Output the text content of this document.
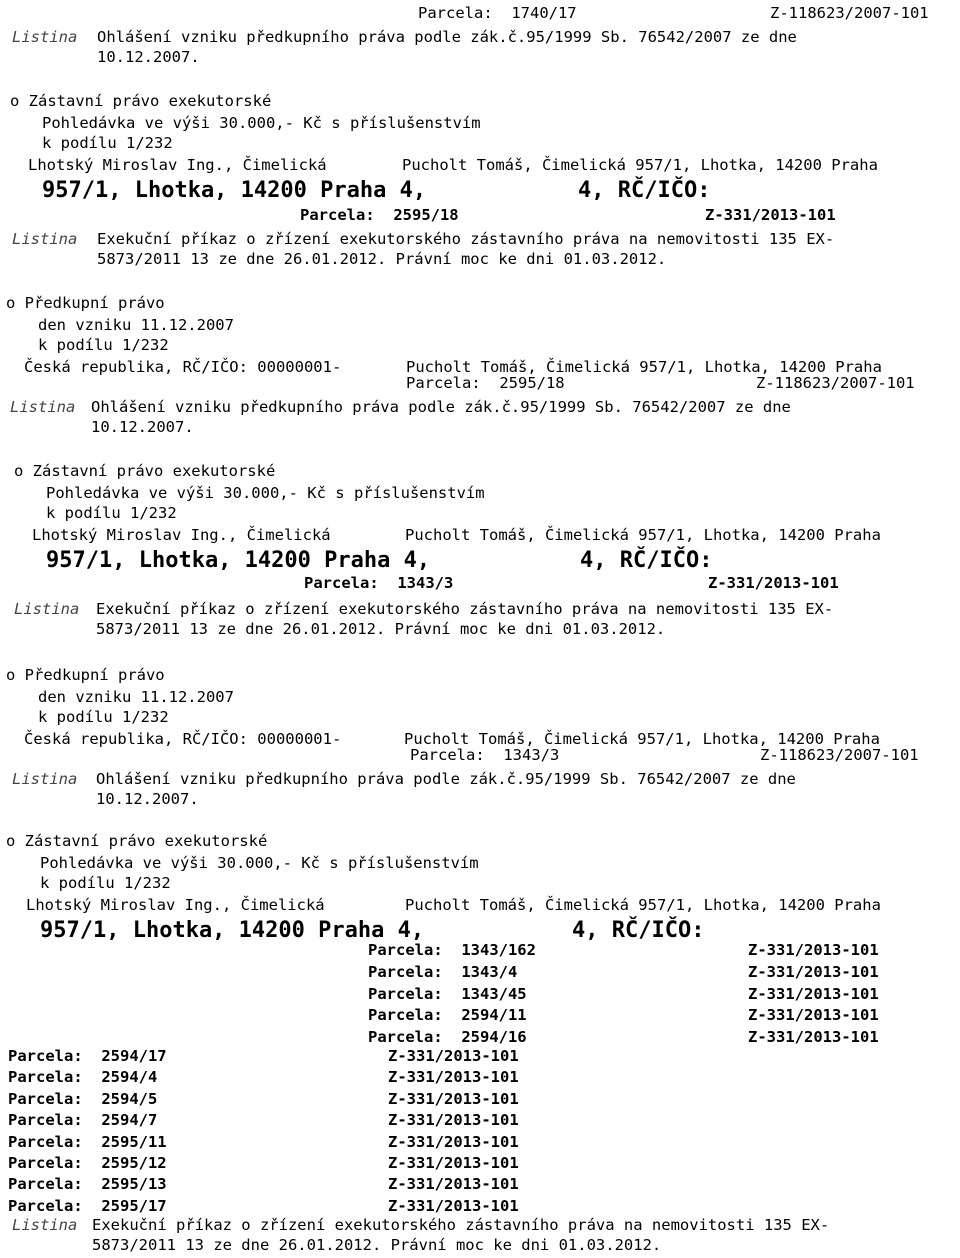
Parcela:  1740/17	Z-118623/2007-101
Listina Ohlášení vzniku předkupního práva podle zák.č.95/1999 Sb. 76542/2007 ze dne
10.12.2007.
o Zástavní právo exekutorské
Pohledávka ve výši 30.000,- Kč s příslušenstvím
k podílu 1/232
Lhotský Miroslav Ing., Čimelická	Pucholt Tomáš, Čimelická 957/1, Lhotka, 14200 Praha
957/1, Lhotka, 14200 Praha 4,	4, RČ/IČO:
Parcela:  2595/18	Z-331/2013-101
Listina Exekuční příkaz o zřízení exekutorského zástavního práva na nemovitosti 135 EX-
5873/2011 13 ze dne 26.01.2012. Právní moc ke dni 01.03.2012.
o Předkupní právo
den vzniku 11.12.2007
k podílu 1/232
Česká republika, RČ/IČO: 00000001-	Pucholt Tomáš, Čimelická 957/1, Lhotka, 14200 Praha
Parcela:  2595/18	Z-118623/2007-101
Listina Ohlášení vzniku předkupního práva podle zák.č.95/1999 Sb. 76542/2007 ze dne
10.12.2007.
o Zástavní právo exekutorské
Pohledávka ve výši 30.000,- Kč s příslušenstvím
k podílu 1/232
Lhotský Miroslav Ing., Čimelická	Pucholt Tomáš, Čimelická 957/1, Lhotka, 14200 Praha
957/1, Lhotka, 14200 Praha 4,	4, RČ/IČO:
Parcela:  1343/3	Z-331/2013-101
Listina Exekuční příkaz o zřízení exekutorského zástavního práva na nemovitosti 135 EX-
5873/2011 13 ze dne 26.01.2012. Právní moc ke dni 01.03.2012.
o Předkupní právo
den vzniku 11.12.2007
k podílu 1/232
Česká republika, RČ/IČO: 00000001-	Pucholt Tomáš, Čimelická 957/1, Lhotka, 14200 Praha
Parcela:  1343/3	Z-118623/2007-101
Listina Ohlášení vzniku předkupního práva podle zák.č.95/1999 Sb. 76542/2007 ze dne
10.12.2007.
o Zástavní právo exekutorské
Pohledávka ve výši 30.000,- Kč s příslušenstvím
k podílu 1/232
Lhotský Miroslav Ing., Čimelická	Pucholt Tomáš, Čimelická 957/1, Lhotka, 14200 Praha
957/1, Lhotka, 14200 Praha 4,	4, RČ/IČO:
Parcela:  1343/162	Z-331/2013-101
Parcela:  1343/4	Z-331/2013-101
Parcela:  1343/45	Z-331/2013-101
Parcela:  2594/11	Z-331/2013-101
Parcela:  2594/16	Z-331/2013-101
Parcela:  2594/17	Z-331/2013-101
Parcela:  2594/4	Z-331/2013-101
Parcela:  2594/5	Z-331/2013-101
Parcela:  2594/7	Z-331/2013-101
Parcela:  2595/11	Z-331/2013-101
Parcela:  2595/12	Z-331/2013-101
Parcela:  2595/13	Z-331/2013-101
Parcela:  2595/17	Z-331/2013-101
Listina Exekuční příkaz o zřízení exekutorského zástavního práva na nemovitosti 135 EX-
5873/2011 13 ze dne 26.01.2012. Právní moc ke dni 01.03.2012.
